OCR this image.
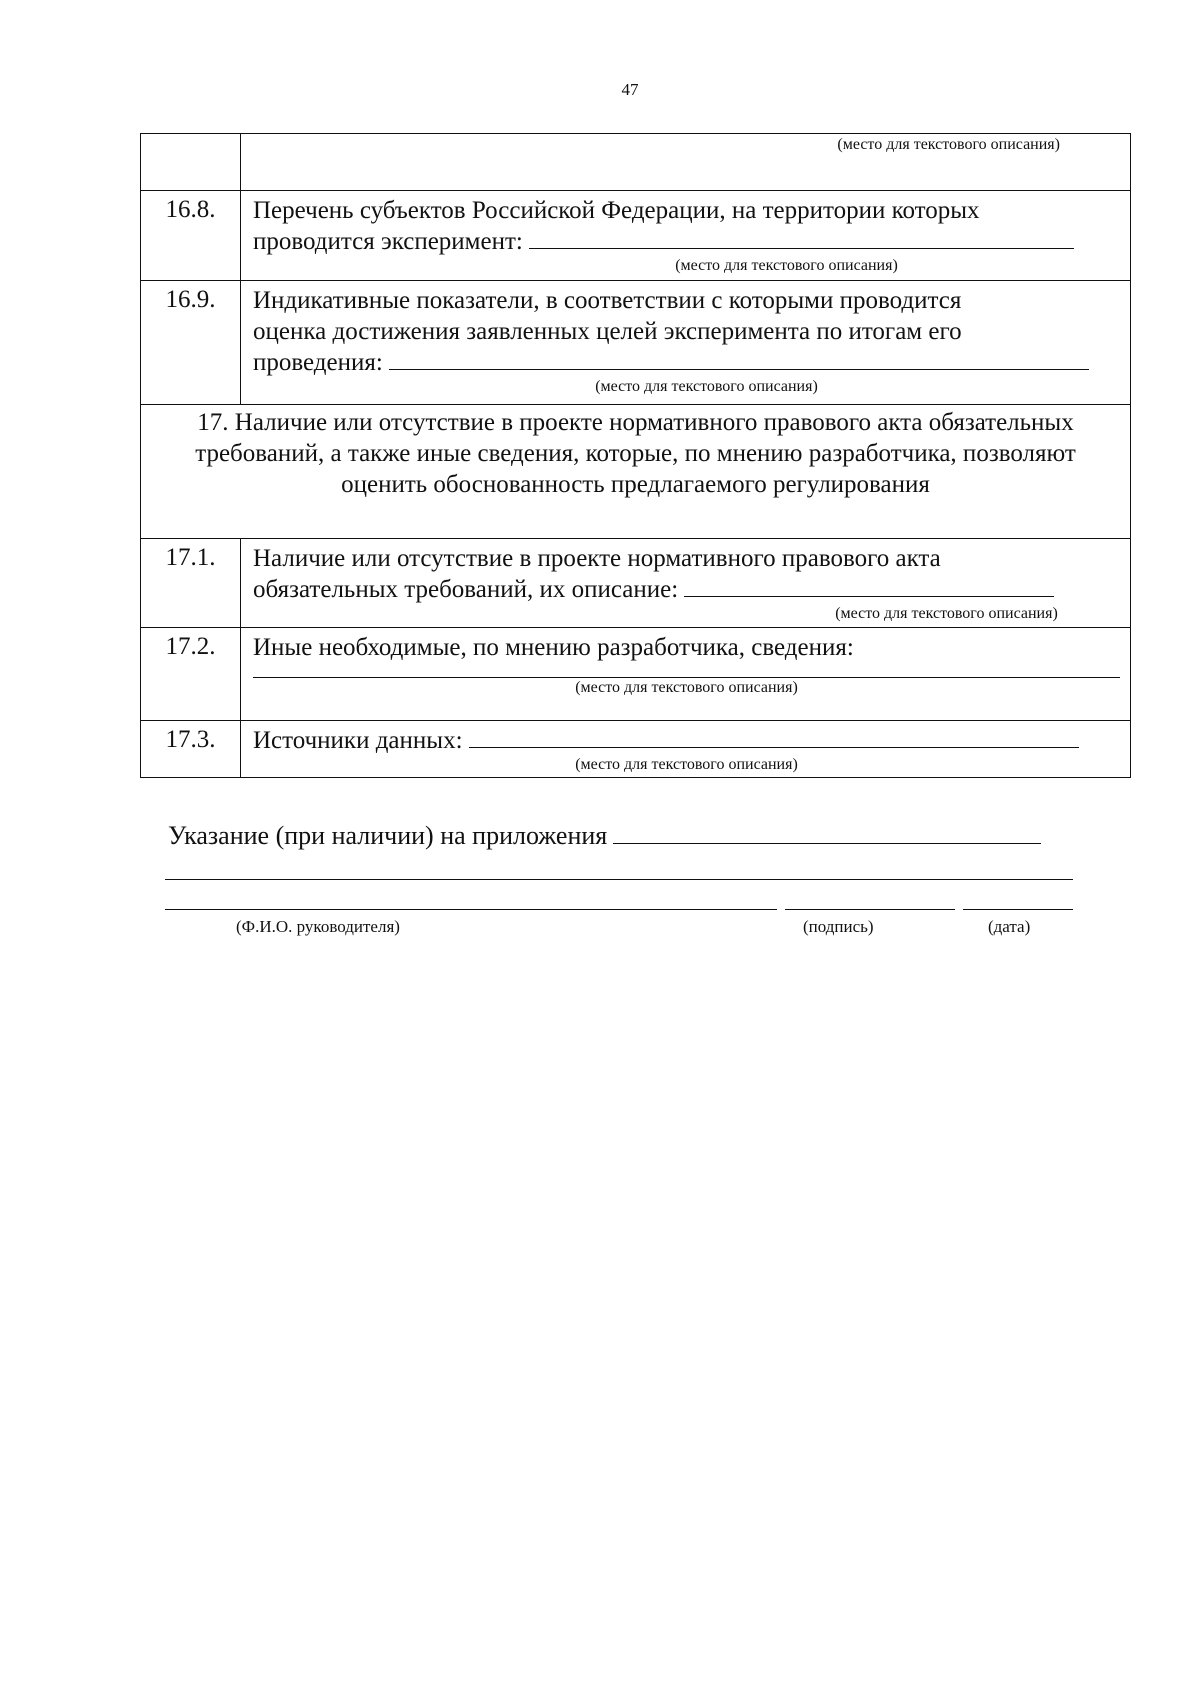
47

	(место для текстового описания)

16.8.	Перечень субъектов Российской Федерации, на территории которых
проводится эксперимент:
(место для текстового описания)

16.9.	Индикативные показатели, в соответствии с которыми проводится
оценка достижения заявленных целей эксперимента по итогам его
проведения:
(место для текстового описания)

17. Наличие или отсутствие в проекте нормативного правового акта обязательных требований, а также иные сведения, которые, по мнению разработчика, позволяют оценить обоснованность предлагаемого регулирования	
17.1.	Наличие или отсутствие в проекте нормативного правового акта
обязательных требований, их описание:
(место для текстового описания)

17.2.	Иные необходимые, по мнению разработчика, сведения:
(место для текстового описания)

17.3.	Источники данных:
(место для текстового описания)
Указание (при наличии) на приложения
(Ф.И.О. руководителя)	(подпись)	(дата)
